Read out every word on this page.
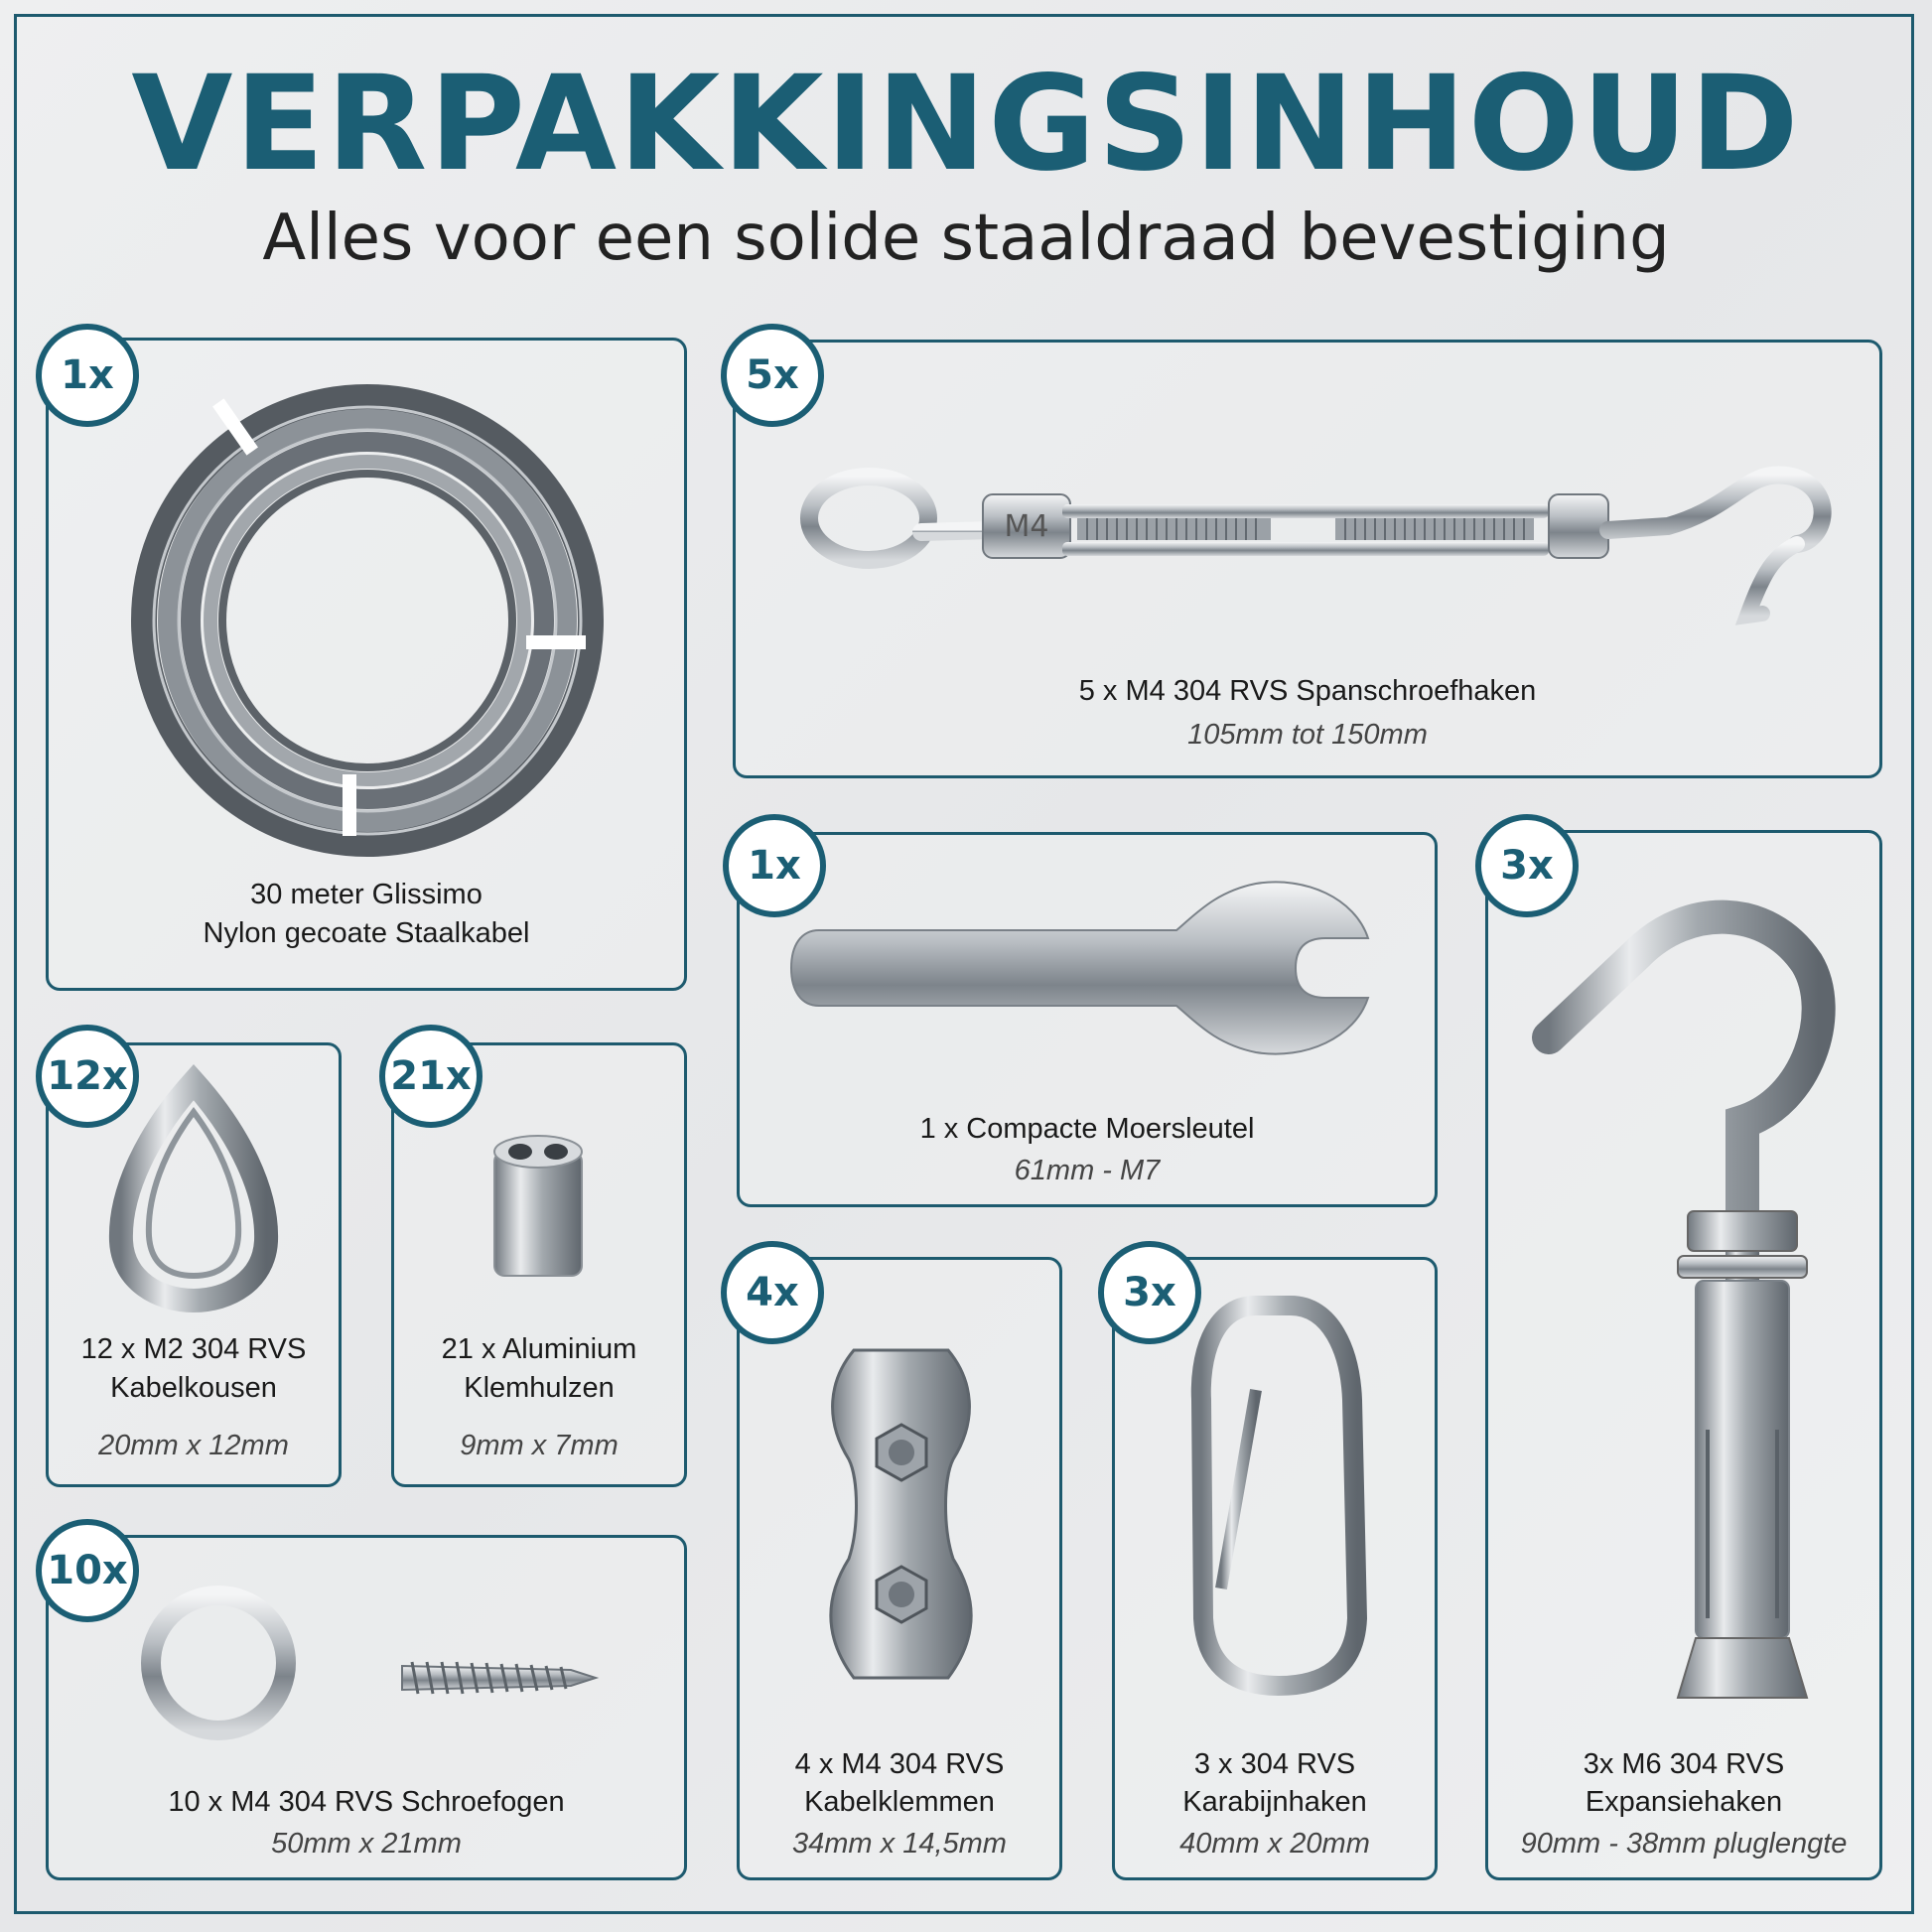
VERPAKKINGSINHOUD
Alles voor een solide staaldraad bevestiging
1x
30 meter Glissimo
Nylon gecoate Staalkabel
5x
M4
5 x M4 304 RVS Spanschroefhaken
105mm tot 150mm
1x
1 x Compacte Moersleutel
61mm - M7
3x
3x M6 304 RVS
Expansiehaken
90mm - 38mm pluglengte
12x
12 x M2 304 RVS
Kabelkousen
20mm x 12mm
21x
21 x Aluminium
Klemhulzen
9mm x 7mm
4x
4 x M4 304 RVS
Kabelklemmen
34mm x 14,5mm
3x
3 x 304 RVS
Karabijnhaken
40mm x 20mm
10x
10 x M4 304 RVS Schroefogen
50mm x 21mm
